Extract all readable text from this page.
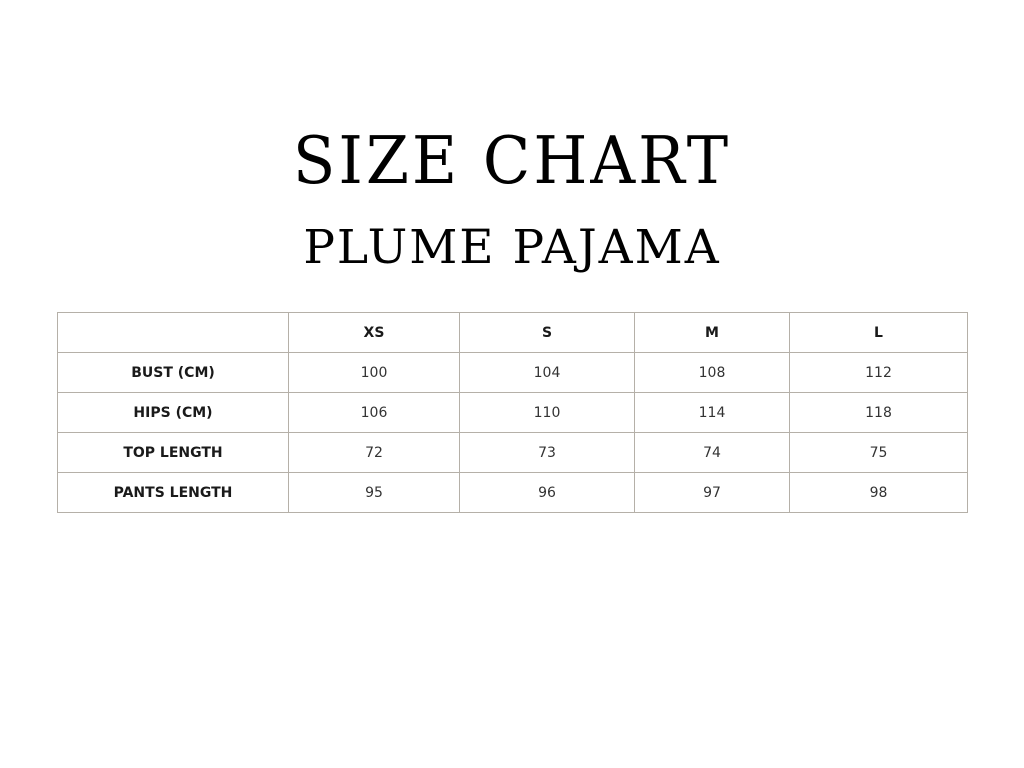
SIZE CHART
PLUME PAJAMA
	XS	S	M	L
BUST (CM)	100	104	108	112
HIPS (CM)	106	110	114	118
TOP LENGTH	72	73	74	75
PANTS LENGTH	95	96	97	98
